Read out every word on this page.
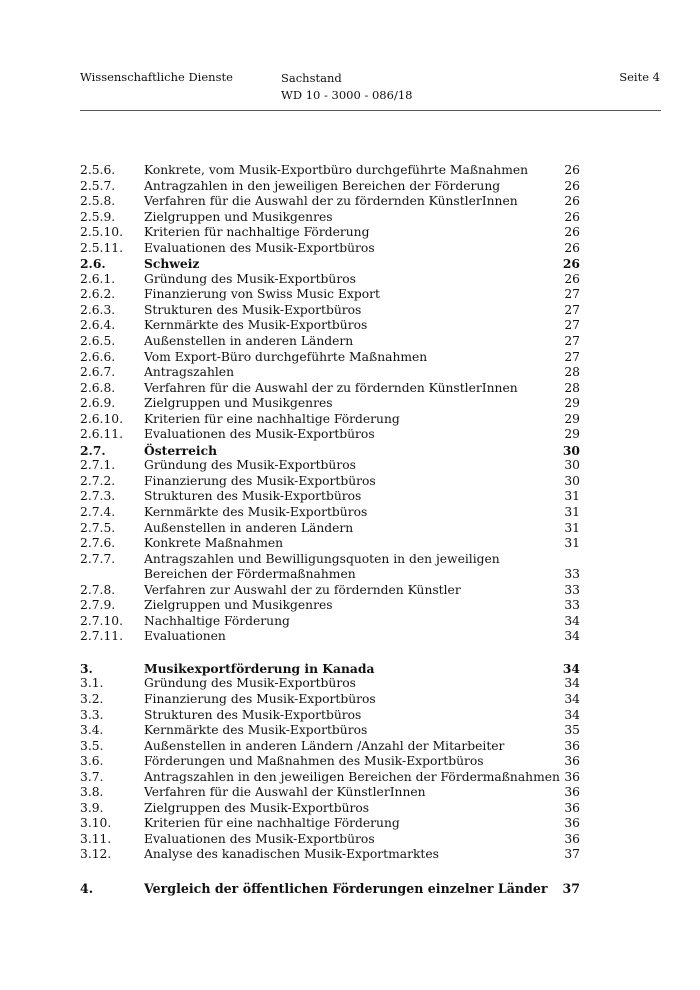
Wissenschaftliche Dienste	Sachstand
WD 10 - 3000 - 086/18
Seite 4
2.5.6. Konkrete, vom Musik-Exportbüro durchgeführte Maßnahmen	26
2.5.7. Antragzahlen in den jeweiligen Bereichen der Förderung	26
2.5.8. Verfahren für die Auswahl der zu fördernden KünstlerInnen	26
2.5.9. Zielgruppen und Musikgenres	26
2.5.10. Kriterien für nachhaltige Förderung	26
2.5.11. Evaluationen des Musik-Exportbüros	26
2.6.	Schweiz	26
2.6.1. Gründung des Musik-Exportbüros	26
2.6.2. Finanzierung von Swiss Music Export	27
2.6.3. Strukturen des Musik-Exportbüros	27
2.6.4. Kernmärkte des Musik-Exportbüros	27
2.6.5. Außenstellen in anderen Ländern	27
2.6.6. Vom Export-Büro durchgeführte Maßnahmen	27
2.6.7. Antragszahlen	28
2.6.8. Verfahren für die Auswahl der zu fördernden KünstlerInnen	28
2.6.9. Zielgruppen und Musikgenres	29
2.6.10. Kriterien für eine nachhaltige Förderung	29
2.6.11. Evaluationen des Musik-Exportbüros	29
2.7.	Österreich	30
2.7.1. Gründung des Musik-Exportbüros	30
2.7.2. Finanzierung des Musik-Exportbüros	30
2.7.3. Strukturen des Musik-Exportbüros	31
2.7.4. Kernmärkte des Musik-Exportbüros	31
2.7.5. Außenstellen in anderen Ländern	31
2.7.6. Konkrete Maßnahmen	31
2.7.7. Antragszahlen und Bewilligungsquoten in den jeweiligen
Bereichen der Fördermaßnahmen	33
2.7.8. Verfahren zur Auswahl der zu fördernden Künstler	33
2.7.9. Zielgruppen und Musikgenres	33
2.7.10. Nachhaltige Förderung	34
2.7.11. Evaluationen	34
3.	Musikexportförderung in Kanada	34
3.1.	Gründung des Musik-Exportbüros	34
3.2.	Finanzierung des Musik-Exportbüros	34
3.3.	Strukturen des Musik-Exportbüros	34
3.4.	Kernmärkte des Musik-Exportbüros	35
3.5.	Außenstellen in anderen Ländern /Anzahl der Mitarbeiter	36
3.6.	Förderungen und Maßnahmen des Musik-Exportbüros	36
3.7.	Antragszahlen in den jeweiligen Bereichen der Fördermaßnahmen 36
3.8.	Verfahren für die Auswahl der KünstlerInnen	36
3.9.	Zielgruppen des Musik-Exportbüros	36
3.10.	Kriterien für eine nachhaltige Förderung	36
3.11.	Evaluationen des Musik-Exportbüros	36
3.12.	Analyse des kanadischen Musik-Exportmarktes	37
4.	Vergleich der öffentlichen Förderungen einzelner Länder 37
